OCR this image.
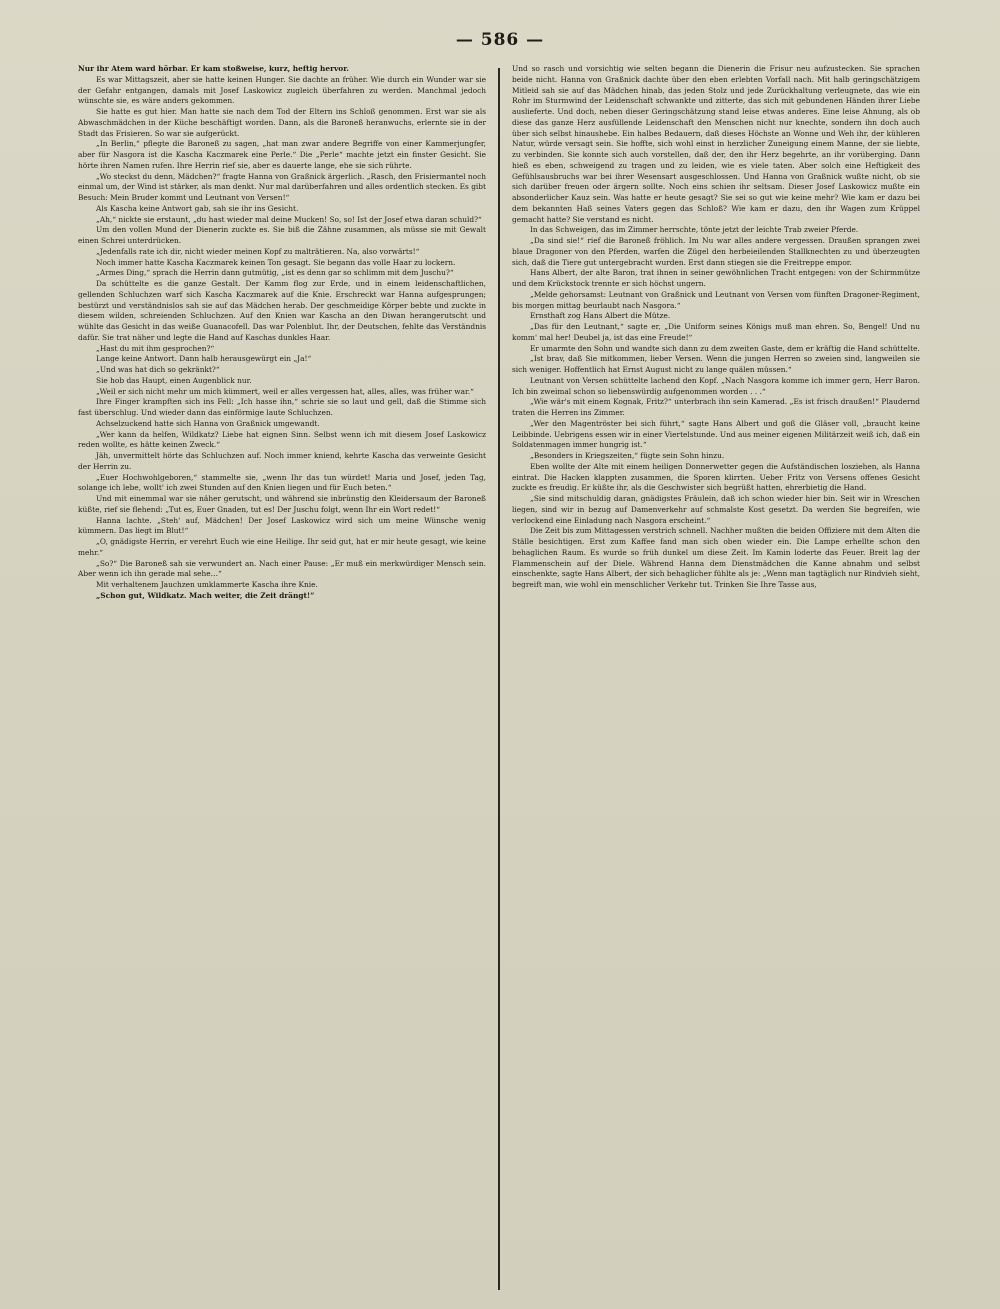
— 586 —

Nur ihr Atem ward hörbar. Er kam stoßweise, kurz, heftig hervor.

Es war Mittagszeit, aber sie hatte keinen Hunger. Sie dachte an früher. Wie durch ein Wunder war sie der Gefahr entgangen, damals mit Josef Laskowicz zugleich überfahren zu werden. Manchmal jedoch wünschte sie, es wäre anders gekommen.

Sie hatte es gut hier. Man hatte sie nach dem Tod der Eltern ins Schloß genommen. Erst war sie als Abwaschmädchen in der Küche beschäftigt worden. Dann, als die Baroneß heranwuchs, erlernte sie in der Stadt das Frisieren. So war sie aufgerückt.

„In Berlin,“ pflegte die Baroneß zu sagen, „hat man zwar andere Begriffe von einer Kammerjungfer, aber für Nasgora ist die Kascha Kaczmarek eine Perle.“ Die „Perle“ machte jetzt ein finster Gesicht. Sie hörte ihren Namen rufen. Ihre Herrin rief sie, aber es dauerte lange, ehe sie sich rührte.

„Wo steckst du denn, Mädchen?“ fragte Hanna von Graßnick ärgerlich. „Rasch, den Frisiermantel noch einmal um, der Wind ist stärker, als man denkt. Nur mal darüberfahren und alles ordentlich stecken. Es gibt Besuch: Mein Bruder kommt und Leutnant von Versen!“

Als Kascha keine Antwort gab, sah sie ihr ins Gesicht.

„Ah,“ nickte sie erstaunt, „du hast wieder mal deine Mucken! So, so! Ist der Josef etwa daran schuld?“

Um den vollen Mund der Dienerin zuckte es. Sie biß die Zähne zusammen, als müsse sie mit Gewalt einen Schrei unterdrücken.

„Jedenfalls rate ich dir, nicht wieder meinen Kopf zu malträtieren. Na, also vorwärts!“

Noch immer hatte Kascha Kaczmarek keinen Ton gesagt. Sie begann das volle Haar zu lockern.

„Armes Ding,“ sprach die Herrin dann gutmütig, „ist es denn gar so schlimm mit dem Juschu?“

Da schüttelte es die ganze Gestalt. Der Kamm flog zur Erde, und in einem leidenschaftlichen, gellenden Schluchzen warf sich Kascha Kaczmarek auf die Knie. Erschreckt war Hanna aufgesprungen; bestürzt und verständnislos sah sie auf das Mädchen herab. Der geschmeidige Körper bebte und zuckte in diesem wilden, schreienden Schluchzen. Auf den Knien war Kascha an den Diwan herangerutscht und wühlte das Gesicht in das weiße Guanacofell. Das war Polenblut. Ihr, der Deutschen, fehlte das Verständnis dafür. Sie trat näher und legte die Hand auf Kaschas dunkles Haar.

„Hast du mit ihm gesprochen?“

Lange keine Antwort. Dann halb herausgewürgt ein „Ja!“

„Und was hat dich so gekränkt?“

Sie hob das Haupt, einen Augenblick nur.

„Weil er sich nicht mehr um mich kümmert, weil er alles vergessen hat, alles, alles, was früher war.“

Ihre Finger krampften sich ins Fell: „Ich hasse ihn,“ schrie sie so laut und gell, daß die Stimme sich fast überschlug. Und wieder dann das einförmige laute Schluchzen.

Achselzuckend hatte sich Hanna von Graßnick umgewandt.

„Wer kann da helfen, Wildkatz? Liebe hat eignen Sinn. Selbst wenn ich mit diesem Josef Laskowicz reden wollte, es hätte keinen Zweck.“

Jäh, unvermittelt hörte das Schluchzen auf. Noch immer kniend, kehrte Kascha das verweinte Gesicht der Herrin zu.

„Euer Hochwohlgeboren,“ stammelte sie, „wenn Ihr das tun würdet! Maria und Josef, jeden Tag, solange ich lebe, wollt' ich zwei Stunden auf den Knien liegen und für Euch beten.“

Und mit einemmal war sie näher gerutscht, und während sie inbrünstig den Kleidersaum der Baroneß küßte, rief sie flehend: „Tut es, Euer Gnaden, tut es! Der Juschu folgt, wenn Ihr ein Wort redet!“

Hanna lachte. „Steh' auf, Mädchen! Der Josef Laskowicz wird sich um meine Wünsche wenig kümmern. Das liegt im Blut!“

„O, gnädigste Herrin, er verehrt Euch wie eine Heilige. Ihr seid gut, hat er mir heute gesagt, wie keine mehr.“

„So?“ Die Baroneß sah sie verwundert an. Nach einer Pause: „Er muß ein merkwürdiger Mensch sein. Aber wenn ich ihn gerade mal sehe…“

Mit verhaltenem Jauchzen umklammerte Kascha ihre Knie.

„Schon gut, Wildkatz. Mach weiter, die Zeit drängt!“

Und so rasch und vorsichtig wie selten begann die Dienerin die Frisur neu aufzustecken. Sie sprachen beide nicht. Hanna von Graßnick dachte über den eben erlebten Vorfall nach. Mit halb geringschätzigem Mitleid sah sie auf das Mädchen hinab, das jeden Stolz und jede Zurückhaltung verleugnete, das wie ein Rohr im Sturmwind der Leidenschaft schwankte und zitterte, das sich mit gebundenen Händen ihrer Liebe auslieferte. Und doch, neben dieser Geringschätzung stand leise etwas anderes. Eine leise Ahnung, als ob diese das ganze Herz ausfüllende Leidenschaft den Menschen nicht nur knechte, sondern ihn doch auch über sich selbst hinaushebe. Ein halbes Bedauern, daß dieses Höchste an Wonne und Weh ihr, der kühleren Natur, würde versagt sein. Sie hoffte, sich wohl einst in herzlicher Zuneigung einem Manne, der sie liebte, zu verbinden. Sie konnte sich auch vorstellen, daß der, den ihr Herz begehrte, an ihr vorüberging. Dann hieß es eben, schweigend zu tragen und zu leiden, wie es viele taten. Aber solch eine Heftigkeit des Gefühlsausbruchs war bei ihrer Wesensart ausgeschlossen. Und Hanna von Graßnick wußte nicht, ob sie sich darüber freuen oder ärgern sollte. Noch eins schien ihr seltsam. Dieser Josef Laskowicz mußte ein absonderlicher Kauz sein. Was hatte er heute gesagt? Sie sei so gut wie keine mehr? Wie kam er dazu bei dem bekannten Haß seines Vaters gegen das Schloß? Wie kam er dazu, den ihr Wagen zum Krüppel gemacht hatte? Sie verstand es nicht.

In das Schweigen, das im Zimmer herrschte, tönte jetzt der leichte Trab zweier Pferde.

„Da sind sie!“ rief die Baroneß fröhlich. Im Nu war alles andere vergessen. Draußen sprangen zwei blaue Dragoner von den Pferden, warfen die Zügel den herbeieilenden Stallknechten zu und überzeugten sich, daß die Tiere gut untergebracht wurden. Erst dann stiegen sie die Freitreppe empor.

Hans Albert, der alte Baron, trat ihnen in seiner gewöhnlichen Tracht entgegen: von der Schirmmütze und dem Krückstock trennte er sich höchst ungern.

„Melde gehorsamst: Leutnant von Graßnick und Leutnant von Versen vom fünften Dragoner-Regiment, bis morgen mittag beurlaubt nach Nasgora.“

Ernsthaft zog Hans Albert die Mütze.

„Das für den Leutnant,“ sagte er, „Die Uniform seines Königs muß man ehren. So, Bengel! Und nu komm' mal her! Deubel ja, ist das eine Freude!“

Er umarmte den Sohn und wandte sich dann zu dem zweiten Gaste, dem er kräftig die Hand schüttelte.

„Ist brav, daß Sie mitkommen, lieber Versen. Wenn die jungen Herren so zweien sind, langweilen sie sich weniger. Hoffentlich hat Ernst August nicht zu lange quälen müssen.“

Leutnant von Versen schüttelte lachend den Kopf. „Nach Nasgora komme ich immer gern, Herr Baron. Ich bin zweimal schon so liebenswürdig aufgenommen worden . . .“

„Wie wär's mit einem Kognak, Fritz?“ unterbrach ihn sein Kamerad. „Es ist frisch draußen!“ Plaudernd traten die Herren ins Zimmer.

„Wer den Magentröster bei sich führt,“ sagte Hans Albert und goß die Gläser voll, „braucht keine Leibbinde. Uebrigens essen wir in einer Viertelstunde. Und aus meiner eigenen Militärzeit weiß ich, daß ein Soldatenmagen immer hungrig ist.“

„Besonders in Kriegszeiten,“ fügte sein Sohn hinzu.

Eben wollte der Alte mit einem heiligen Donnerwetter gegen die Aufständischen losziehen, als Hanna eintrat. Die Hacken klappten zusammen, die Sporen klirrten. Ueber Fritz von Versens offenes Gesicht zuckte es freudig. Er küßte ihr, als die Geschwister sich begrüßt hatten, ehrerbietig die Hand.

„Sie sind mitschuldig daran, gnädigstes Fräulein, daß ich schon wieder hier bin. Seit wir in Wreschen liegen, sind wir in bezug auf Damenverkehr auf schmalste Kost gesetzt. Da werden Sie begreifen, wie verlockend eine Einladung nach Nasgora erscheint.“

Die Zeit bis zum Mittagessen verstrich schnell. Nachher mußten die beiden Offiziere mit dem Alten die Ställe besichtigen. Erst zum Kaffee fand man sich oben wieder ein. Die Lampe erhellte schon den behaglichen Raum. Es wurde so früh dunkel um diese Zeit. Im Kamin loderte das Feuer. Breit lag der Flammenschein auf der Diele. Während Hanna dem Dienstmädchen die Kanne abnahm und selbst einschenkte, sagte Hans Albert, der sich behaglicher fühlte als je: „Wenn man tagtäglich nur Rindvieh sieht, begreift man, wie wohl ein menschlicher Verkehr tut. Trinken Sie Ihre Tasse aus,
